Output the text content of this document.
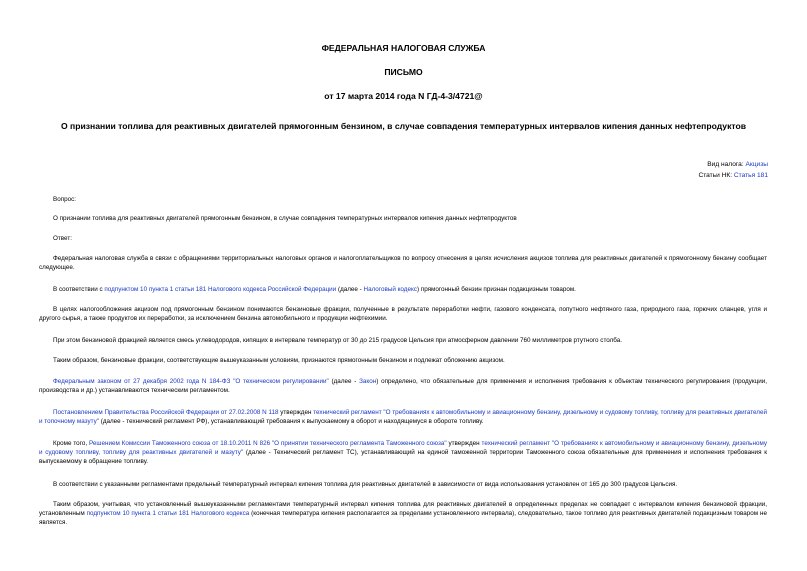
ФЕДЕРАЛЬНАЯ НАЛОГОВАЯ СЛУЖБА
ПИСЬМО
от 17 марта 2014 года N ГД-4-3/4721@
О признании топлива для реактивных двигателей прямогонным бензином, в случае совпадения температурных интервалов кипения данных нефтепродуктов
Вид налога: Акцизы
Статьи НК: Статья 181
Вопрос:
О признании топлива для реактивных двигателей прямогонным бензином, в случае совпадения температурных интервалов кипения данных нефтепродуктов
Ответ:
Федеральная налоговая служба в связи с обращениями территориальных налоговых органов и налогоплательщиков по вопросу отнесения в целях исчисления акцизов топлива для реактивных двигателей к прямогонному бензину сообщает следующее.
В соответствии с подпунктом 10 пункта 1 статьи 181 Налогового кодекса Российской Федерации (далее - Налоговый кодекс) прямогонный бензин признан подакцизным товаром.
В целях налогообложения акцизом под прямогонным бензином понимаются бензиновые фракции, полученные в результате переработки нефти, газового конденсата, попутного нефтяного газа, природного газа, горючих сланцев, угля и другого сырья, а также продуктов их переработки, за исключением бензина автомобильного и продукции нефтехимии.
При этом бензиновой фракцией является смесь углеводородов, кипящих в интервале температур от 30 до 215 градусов Цельсия при атмосферном давлении 760 миллиметров ртутного столба.
Таким образом, бензиновые фракции, соответствующие вышеуказанным условиям, признаются прямогонным бензином и подлежат обложению акцизом.
Федеральным законом от 27 декабря 2002 года N 184-ФЗ "О техническом регулировании" (далее - Закон) определено, что обязательные для применения и исполнения требования к объектам технического регулирования (продукции, производства и др.) устанавливаются техническим регламентом.
Постановлением Правительства Российской Федерации от 27.02.2008 N 118 утвержден технический регламент "О требованиях к автомобильному и авиационному бензину, дизельному и судовому топливу, топливу для реактивных двигателей и топочному мазуту" (далее - технический регламент РФ), устанавливающий требования к выпускаемому в оборот и находящемуся в обороте топливу.
Кроме того, Решением Комиссии Таможенного союза от 18.10.2011 N 826 "О принятии технического регламента Таможенного союза" утвержден технический регламент "О требованиях к автомобильному и авиационному бензину, дизельному и судовому топливу, топливу для реактивных двигателей и мазуту" (далее - Технический регламент ТС), устанавливающий на единой таможенной территории Таможенного союза обязательные для применения и исполнения требования к выпускаемому в обращение топливу.
В соответствии с указанными регламентами предельный температурный интервал кипения топлива для реактивных двигателей в зависимости от вида использования установлен от 165 до 300 градусов Цельсия.
Таким образом, учитывая, что установленный вышеуказанными регламентами температурный интервал кипения топлива для реактивных двигателей в определенных пределах не совпадает с интервалом кипения бензиновой фракции, установленным подпунктом 10 пункта 1 статьи 181 Налогового кодекса (конечная температура кипения располагается за пределами установленного интервала), следовательно, такое топливо для реактивных двигателей подакцизным товаром не является.
